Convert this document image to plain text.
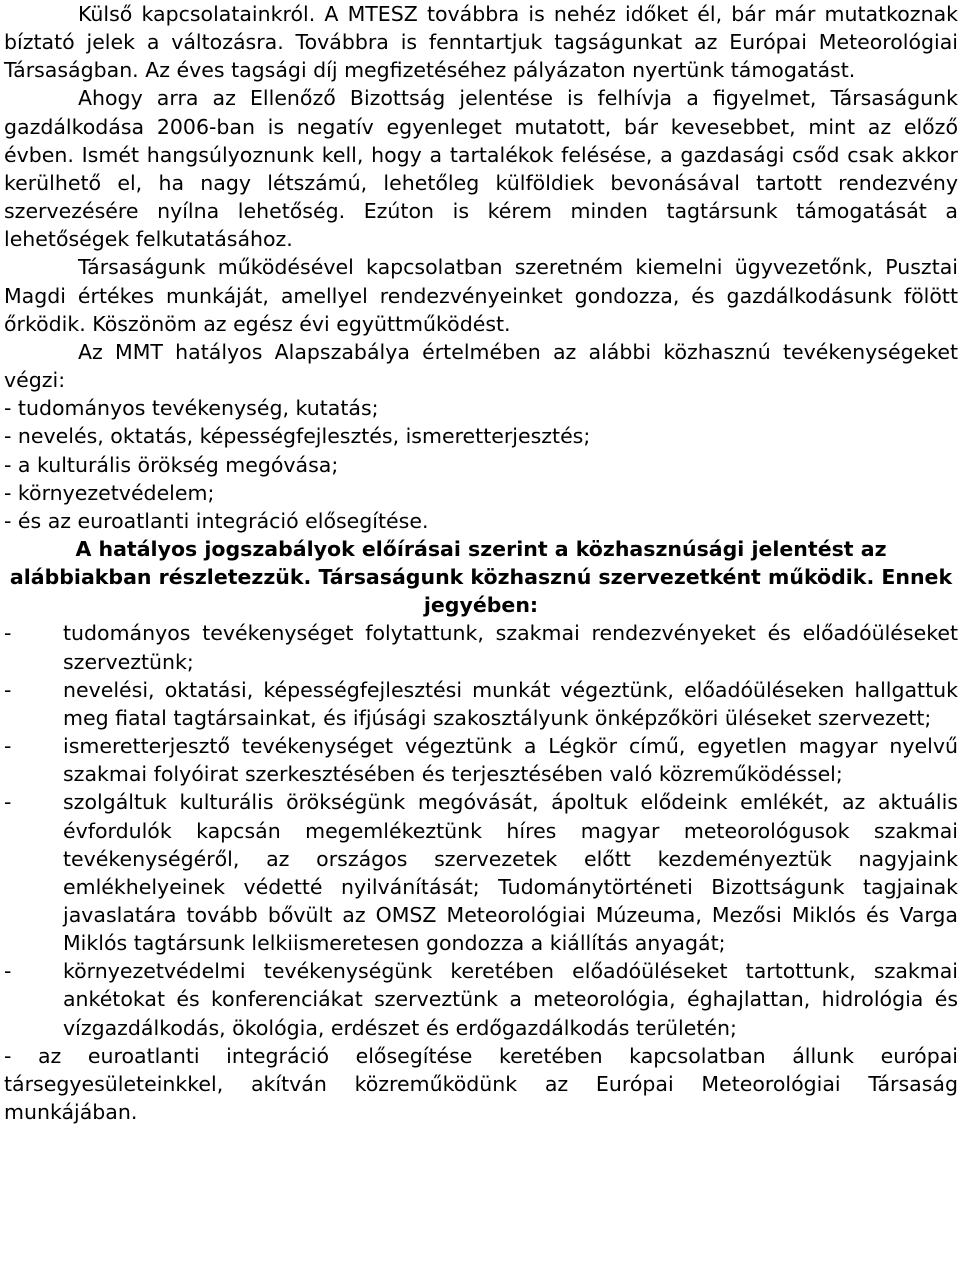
Külső kapcsolatainkról. A MTESZ továbbra is nehéz időket él, bár már mutatkoznak bíztató jelek a változásra. Továbbra is fenntartjuk tagságunkat az Európai Meteorológiai Társaságban. Az éves tagsági díj megfizetéséhez pályázaton nyertünk támogatást.

Ahogy arra az Ellenőző Bizottság jelentése is felhívja a figyelmet, Társaságunk gazdálkodása 2006-ban is negatív egyenleget mutatott, bár kevesebbet, mint az előző évben. Ismét hangsúlyoznunk kell, hogy a tartalékok felésése, a gazdasági csőd csak akkor kerülhető el, ha nagy létszámú, lehetőleg külföldiek bevonásával tartott rendezvény szervezésére nyílna lehetőség. Ezúton is kérem minden tagtársunk támogatását a lehetőségek felkutatásához.

Társaságunk működésével kapcsolatban szeretném kiemelni ügyvezetőnk, Pusztai Magdi értékes munkáját, amellyel rendezvényeinket gondozza, és gazdálkodásunk fölött őrködik. Köszönöm az egész évi együttműködést.

Az MMT hatályos Alapszabálya értelmében az alábbi közhasznú tevékenységeket végzi:

- tudományos tevékenység, kutatás;

- nevelés, oktatás, képességfejlesztés, ismeretterjesztés;

- a kulturális örökség megóvása;

- környezetvédelem;

- és az euroatlanti integráció elősegítése.

A hatályos jogszabályok előírásai szerint a közhasznúsági jelentést az alábbiakban részletezzük. Társaságunk közhasznú szervezetként működik. Ennek jegyében:

-	tudományos tevékenységet folytattunk, szakmai rendezvényeket és előadóüléseket szerveztünk;

-	nevelési, oktatási, képességfejlesztési munkát végeztünk, előadóüléseken hallgattuk meg fiatal tagtársainkat, és ifjúsági szakosztályunk önképzőköri üléseket szervezett;

-	ismeretterjesztő tevékenységet végeztünk a Légkör című, egyetlen magyar nyelvű szakmai folyóirat szerkesztésében és terjesztésében való közreműködéssel;

-	szolgáltuk kulturális örökségünk megóvását, ápoltuk elődeink emlékét, az aktuális évfordulók kapcsán megemlékeztünk híres magyar meteorológusok szakmai tevékenységéről, az országos szervezetek előtt kezdeményeztük nagyjaink emlékhelyeinek védetté nyilvánítását; Tudománytörténeti Bizottságunk tagjainak javaslatára tovább bővült az OMSZ Meteorológiai Múzeuma, Mezősi Miklós és Varga Miklós tagtársunk lelkiismeretesen gondozza a kiállítás anyagát;

-	környezetvédelmi tevékenységünk keretében előadóüléseket tartottunk, szakmai ankétokat és konferenciákat szerveztünk a meteorológia, éghajlattan, hidrológia és vízgazdálkodás, ökológia, erdészet és erdőgazdálkodás területén;

- az euroatlanti integráció elősegítése keretében kapcsolatban állunk európai társegyesületeinkkel, akítván közreműködünk az Európai Meteorológiai Társaság munkájában.
